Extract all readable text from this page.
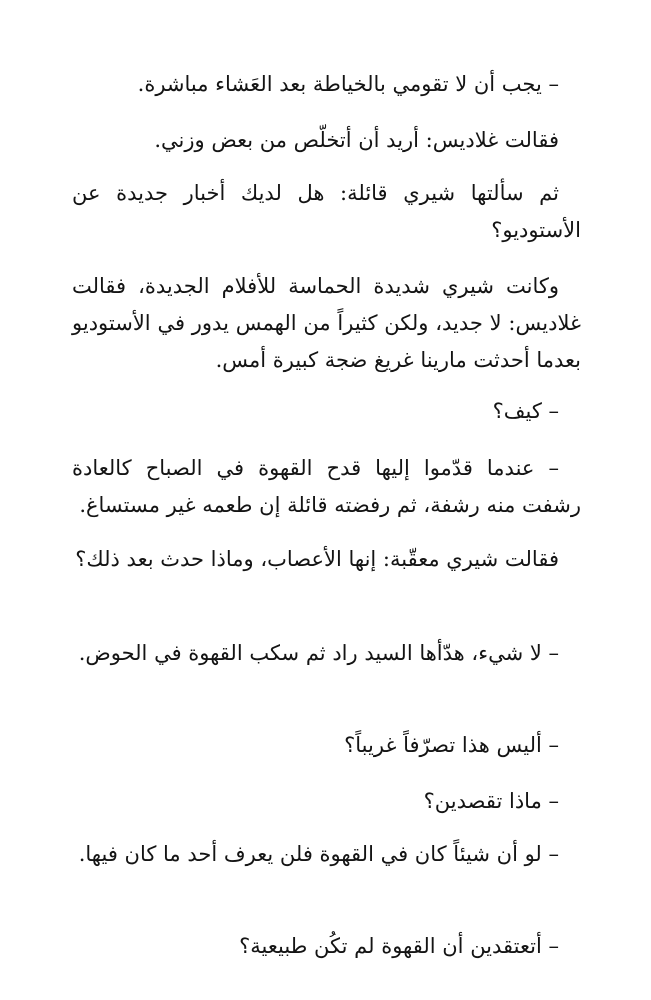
– يجب أن لا تقومي بالخياطة بعد العَشاء مباشرة.

فقالت غلاديس: أريد أن أتخلّص من بعض وزني.

ثم سألتها شيري قائلة: هل لديك أخبار جديدة عن الأستوديو؟

وكانت شيري شديدة الحماسة للأفلام الجديدة، فقالت غلاديس: لا جديد، ولكن كثيراً من الهمس يدور في الأستوديو بعدما أحدثت مارينا غريغ ضجة كبيرة أمس.

– كيف؟

– عندما قدّموا إليها قدح القهوة في الصباح كالعادة رشفت منه رشفة، ثم رفضته قائلة إن طعمه غير مستساغ.

فقالت شيري معقّبة: إنها الأعصاب، وماذا حدث بعد ذلك؟

– لا شيء، هدّأها السيد راد ثم سكب القهوة في الحوض.

– أليس هذا تصرّفاً غريباً؟

– ماذا تقصدين؟

– لو أن شيئاً كان في القهوة فلن يعرف أحد ما كان فيها.

– أتعتقدين أن القهوة لم تكُن طبيعية؟
